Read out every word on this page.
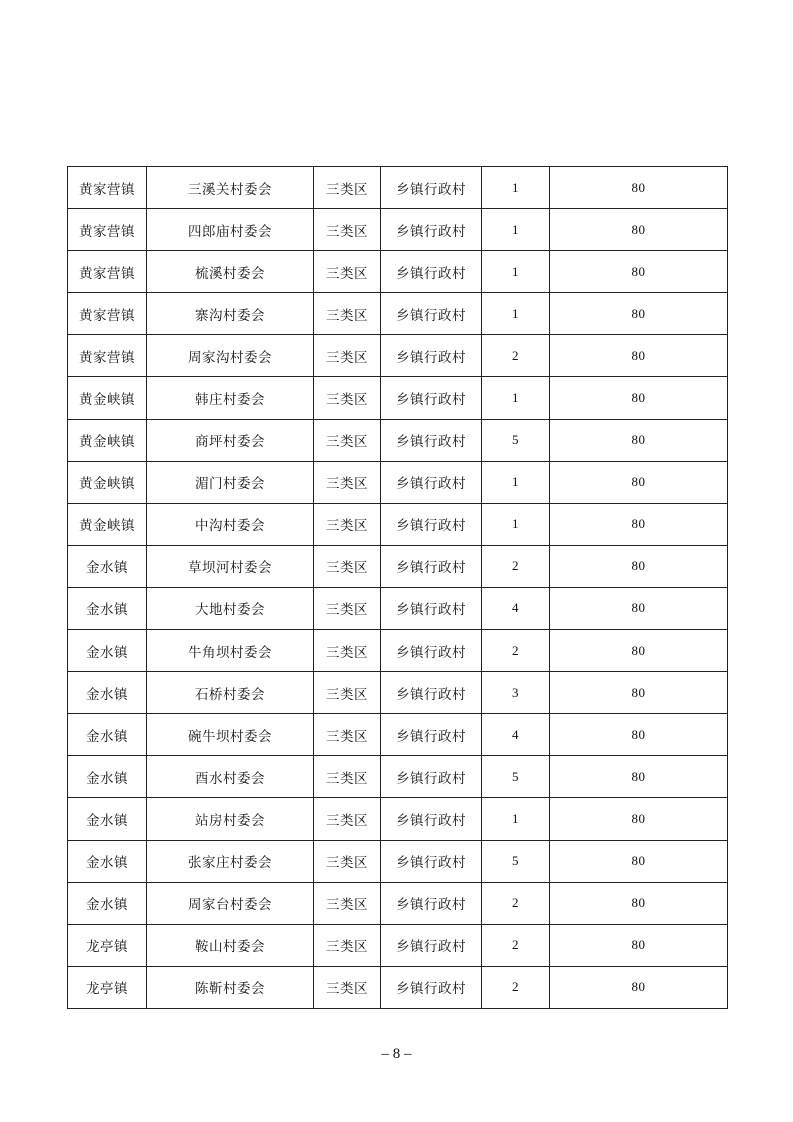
黄家营镇	三溪关村委会	三类区	乡镇行政村	1	80
黄家营镇	四郎庙村委会	三类区	乡镇行政村	1	80
黄家营镇	梳溪村委会	三类区	乡镇行政村	1	80
黄家营镇	寨沟村委会	三类区	乡镇行政村	1	80
黄家营镇	周家沟村委会	三类区	乡镇行政村	2	80
黄金峡镇	韩庄村委会	三类区	乡镇行政村	1	80
黄金峡镇	商坪村委会	三类区	乡镇行政村	5	80
黄金峡镇	湄门村委会	三类区	乡镇行政村	1	80
黄金峡镇	中沟村委会	三类区	乡镇行政村	1	80
金水镇	草坝河村委会	三类区	乡镇行政村	2	80
金水镇	大地村委会	三类区	乡镇行政村	4	80
金水镇	牛角坝村委会	三类区	乡镇行政村	2	80
金水镇	石桥村委会	三类区	乡镇行政村	3	80
金水镇	碗牛坝村委会	三类区	乡镇行政村	4	80
金水镇	酉水村委会	三类区	乡镇行政村	5	80
金水镇	站房村委会	三类区	乡镇行政村	1	80
金水镇	张家庄村委会	三类区	乡镇行政村	5	80
金水镇	周家台村委会	三类区	乡镇行政村	2	80
龙亭镇	鞍山村委会	三类区	乡镇行政村	2	80
龙亭镇	陈靳村委会	三类区	乡镇行政村	2	80
– 8 –
